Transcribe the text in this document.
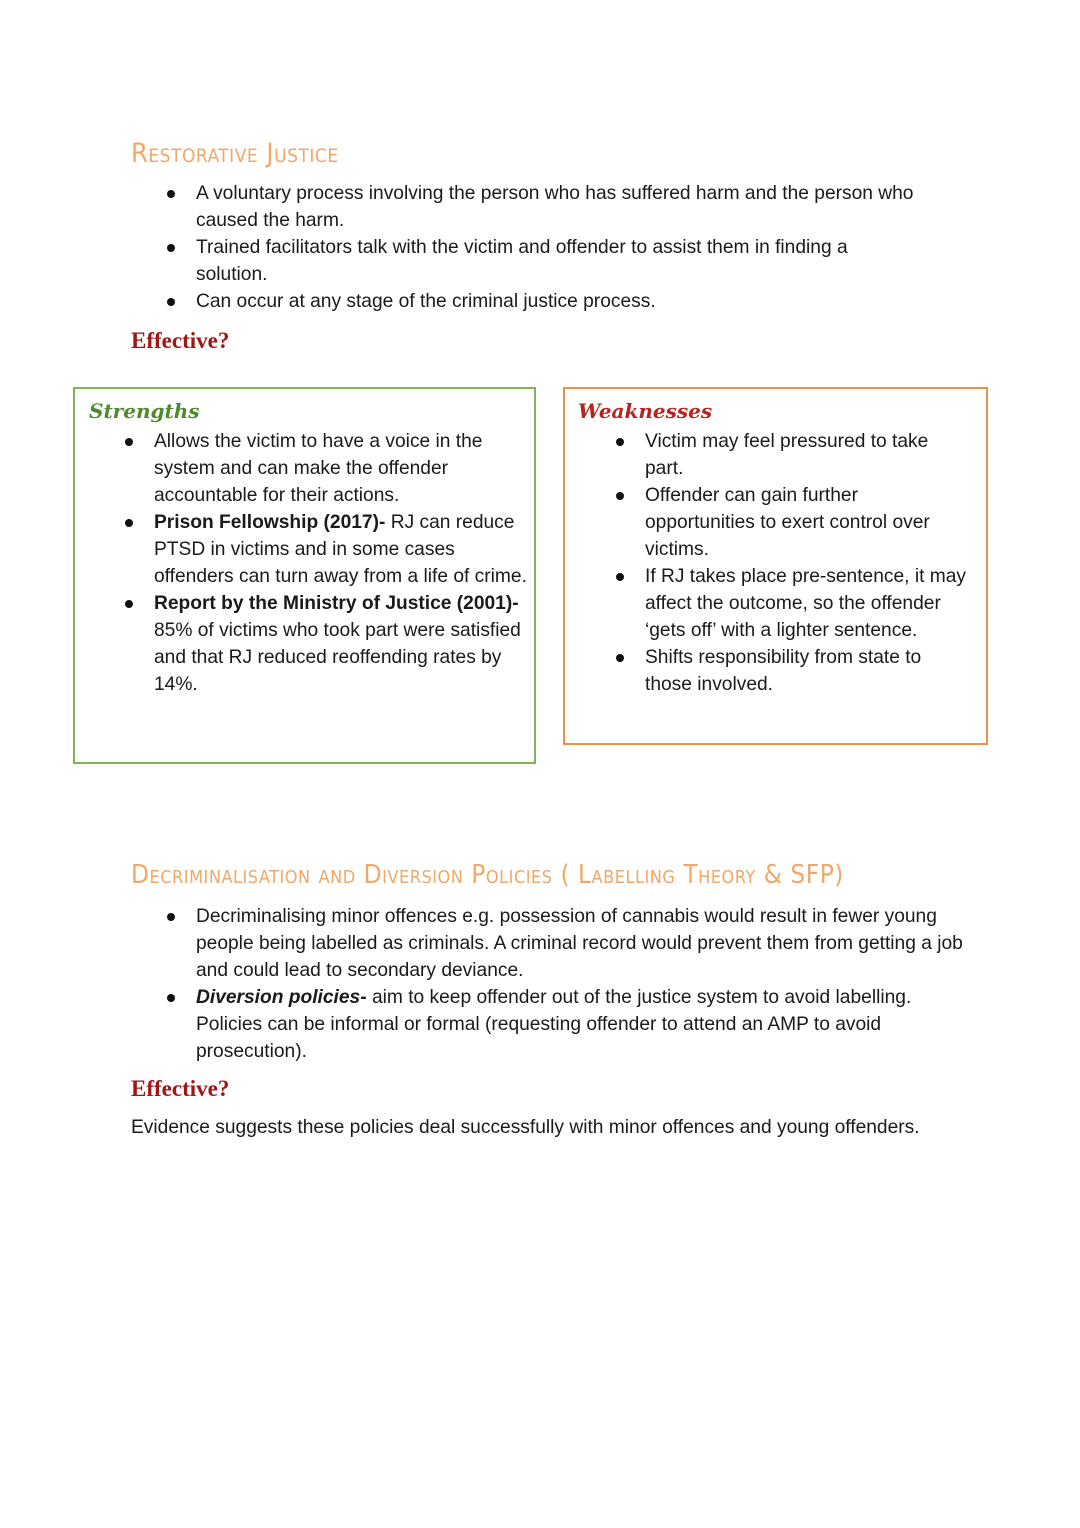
Restorative Justice
A voluntary process involving the person who has suffered harm and the person who caused the harm.
Trained facilitators talk with the victim and offender to assist them in finding a solution.
Can occur at any stage of the criminal justice process.
Effective?
Strengths
Allows the victim to have a voice in the system and can make the offender accountable for their actions.
Prison Fellowship (2017)- RJ can reduce PTSD in victims and in some cases offenders can turn away from a life of crime.
Report by the Ministry of Justice (2001)- 85% of victims who took part were satisfied and that RJ reduced reoffending rates by 14%.
Weaknesses
Victim may feel pressured to take part.
Offender can gain further opportunities to exert control over victims.
If RJ takes place pre-sentence, it may affect the outcome, so the offender ‘gets off’ with a lighter sentence.
Shifts responsibility from state to those involved.
Decriminalisation and Diversion Policies ( Labelling Theory & SFP)
Decriminalising minor offences e.g. possession of cannabis would result in fewer young people being labelled as criminals. A criminal record would prevent them from getting a job and could lead to secondary deviance.
Diversion policies- aim to keep offender out of the justice system to avoid labelling. Policies can be informal or formal (requesting offender to attend an AMP to avoid prosecution).
Effective?
Evidence suggests these policies deal successfully with minor offences and young offenders.
